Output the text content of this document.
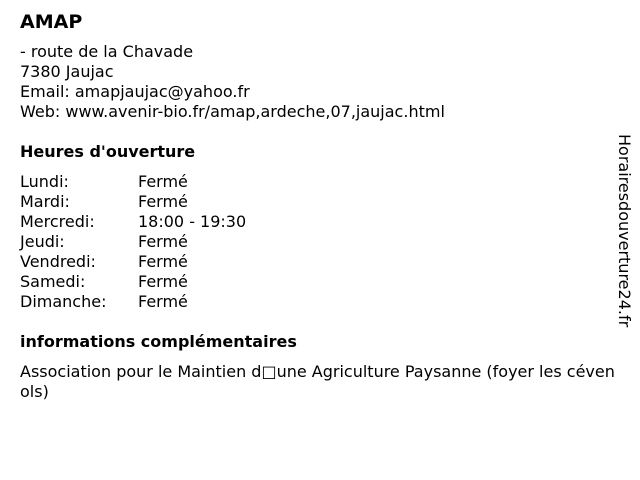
AMAP
- route de la Chavade
7380 Jaujac
Email: amapjaujac@yahoo.fr
Web: www.avenir-bio.fr/amap,ardeche,07,jaujac.html
Heures d'ouverture
Lundi:	Fermé
Mardi:	Fermé
Mercredi:	18:00 - 19:30
Jeudi:	Fermé
Vendredi:	Fermé
Samedi:	Fermé
Dimanche:	Fermé
informations complémentaires
Association pour le Maintien d□une Agriculture Paysanne (foyer les cévenols)
Horairesdouverture24.fr
